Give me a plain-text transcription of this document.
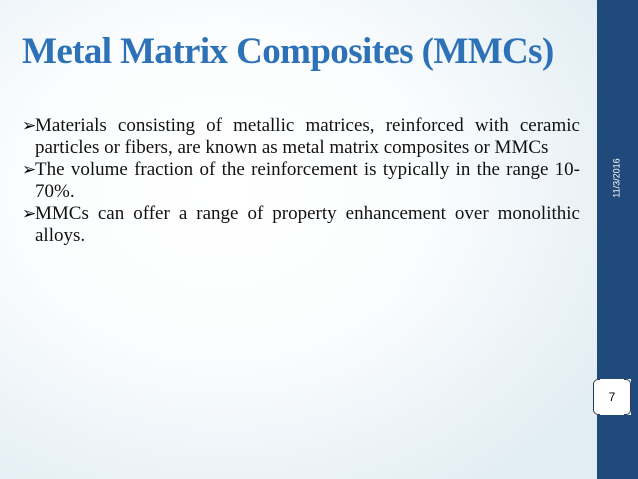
Metal Matrix Composites (MMCs)
➢
Materials consisting of metallic matrices, reinforced with ceramic particles or fibers, are known as metal matrix composites or MMCs
➢
The volume fraction of the reinforcement is typically in the range 10-70%.
➢
MMCs can offer a range of property enhancement over monolithic alloys.
11/3/2016
7
